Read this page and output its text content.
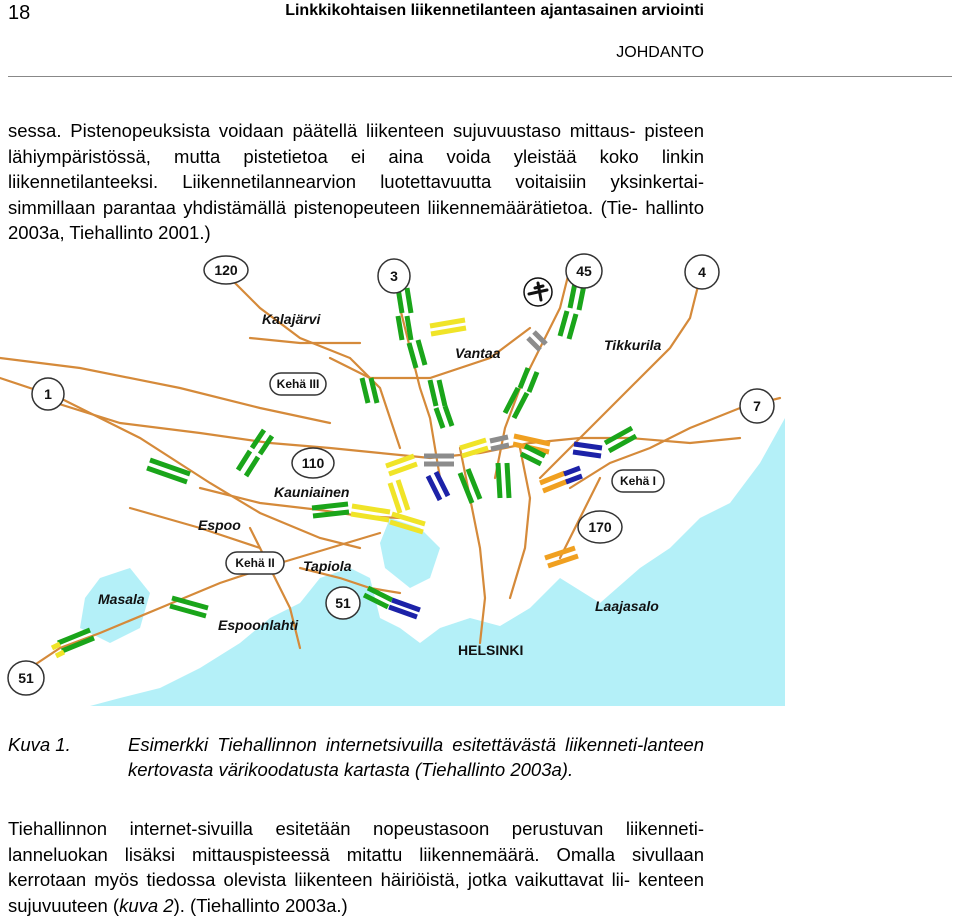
18	Linkkikohtaisen liikennetilanteen ajantasainen arviointi
JOHDANTO

sessa. Pistenopeuksista voidaan päätellä liikenteen sujuvuustaso mittaus- pisteen lähiympäristössä, mutta pistetietoa ei aina voida yleistää koko linkin liikennetilanteeksi. Liikennetilannearvion luotettavuutta voitaisiin yksinkertai- simmillaan parantaa yhdistämällä pistenopeuteen liikennemäärätietoa. (Tie- hallinto 2003a, Tiehallinto 2001.)

120	3	45	4
1
7
110
170
51
51
Kehä III
Kehä II
Kehä I
Kalajärvi
Vantaa	Tikkurila
Kauniainen
Espoo
Tapiola
Masala
Espoonlahti
Laajasalo
HELSINKI
Kuva 1.	Esimerkki Tiehallinnon internetsivuilla esitettävästä liikenneti-lanteen kertovasta värikoodatusta kartasta (Tiehallinto 2003a).

Tiehallinnon internet-sivuilla esitetään nopeustasoon perustuvan liikenneti- lanneluokan lisäksi mittauspisteessä mitattu liikennemäärä. Omalla sivullaan kerrotaan myös tiedossa olevista liikenteen häiriöistä, jotka vaikuttavat lii- kenteen sujuvuuteen (kuva 2). (Tiehallinto 2003a.)
